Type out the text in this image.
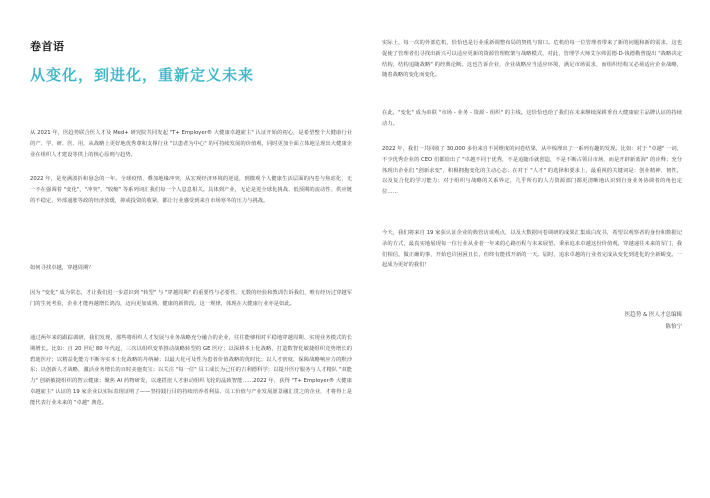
卷首语
从变化，到进化，重新定义未来

从 2021 年，医趋势联合医人才及 Med+ 研究院共同发起 "T+ Employer® 大健康卓越雇主" 认证开始的初心，是希望整个大健康行业的产、学、研、医、用，从战略上更好地优秀尊和支撑行业 "以患者为中心" 的可持续发展的价值观，同时更加全面立体地呈现出大健康企业在组织人才建设等供上的核心原则与趋势。

2022 年，是充满波折和悬念的一年。全球疫情、叠加地缘冲突，从宏观经济环境的逆退，到微观个人健康生活层面的内卷与焦虑化，无一不在强调着 "变化"，"冲突"，"收缩" 等系列词汇我们每一个人息息相关。具体到产业，无论是进全球化挑战、低预期的流动性、供应链的不稳定、外部通胀等政的经济放缓，抑或投资的收紧，都让行业感受到来自市场寒冬的压力与挑战。

如何寻找卓越，穿越周期？

因为 "变化" 成为常态，才让我们进一步意识到 "转型" 与 "穿越周期" 的重要性与必要性。无数的经验和教训告诉我们，唯有经历过穿越军门的生死考验，企业才能再越增长鸿沟，迈向更加成熟、健康的新阶段。这一规律，体现在大健康行业亦是如此。

通过两年来的跟踪调研，我们发现，那些将组织人才发展与业务战略充分融合的企业，往往能够相对平稳地穿越周期、实现业务模式的长期增长。比如：自 20 世纪 80 年代起，三次以组织变革推动战略转型的 GE 医疗；以深耕本土化战略，打造数智化敏捷组织竞势增长的碧迪医疗；以精益化能力不断夯实本土化战略的丹纳赫；以最大化可及性为患者价值战略的优时比；以人才密度，保障战略响应力的默沙东；以创新人才战略，激活业务增长的百时美施贵宝；以关注 "每一位" 员工成长为己任的吉利德科学；以提升医疗服务与人才精队 "双能力" 创新敏捷组织的智云健康；聚焦 AI 药物研发，以速搭崖人才驱动组织飞轮的晶致智能……2022 年，获得 "T+ Employer® 大健康卓越雇主" 认证的 19 家企业以实际表现证明了——坚持践行目的持续培养者利益、员工价值与产业发展愿景融汇贯之的企业，才将得上是能代表行业未来的 "卓越" 典范。

实际上，每一次的外部危机，恰恰也是行业重新调整布局的契机与窗口。危机给每一位管理者带来了新的问题和新的需求，这也促使了管理者们寻找出新兴可以适应更新的资源管理框架与战略模式，对此，管理学大师艾尔弗雷德·D·钱德勒曾提出 "战略决定结构，结构追随战略" 的经典论断。这也告诉企业，企业战略应当适应环境，满足市场需求，而组织结构又必须适应企业战略，随着战略的变化而变化。

在此，"变化" 成为串联 "市场 - 业务 - 资源 - 组织" 的主线。这恰恰也给了我们在未来继续深耕垂直大健康雇主品牌认证的持续动力。

2022 年，我们一共回收了 30,000 多份来自不同维度的问卷结果，从中梳理出了一系列有趣的发现。比如：对于 "卓越" 一词，不少优秀企业的 CEO 们都给出了 "卓越不同于优秀，不是追随币就创造，不是不断占领目市场，而是开辟新蓝海" 的诠释；充分体现出企业们 "创新求变"，积极拥抱变化的主动心态；在对于 "人才" 的选择和要求上，最重视的关键词是：创业精神、韧性，以及复合化的学习能力；对于组织与战略的关系界定，几乎所有的人力资源部门都更清晰地认识到自身业务协调者的角色定位……

今天，我们将来自 19 家获认证企业的典管访谈观点，以及大数据问卷调研的成果汇集成白皮书，希望以观察者的身份和数据记录的方式，最真实地展现每一位行业从业者一年来的心路历程与未来展望。秉承追求卓越这份价值观，穿越递往未来的军门，我们相信，做正确的事，开始也许困困且长，但终有能找开新的一天。届时，追求卓越的行业者完成从变化到进化的全新蜕变。一起成为更好的我们！

医趋势 & 医人才总编辑
陈怡宁
